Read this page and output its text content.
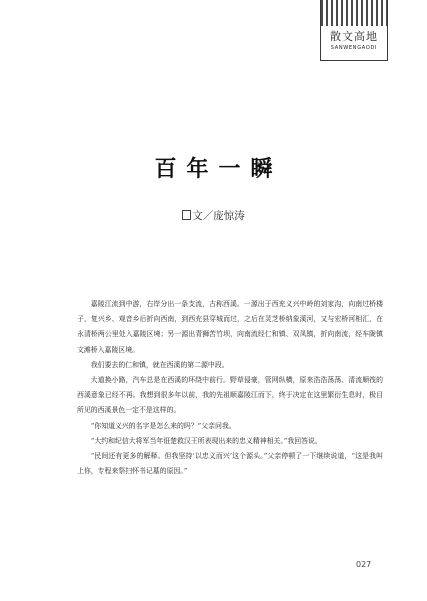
散文高地
SANWENGAODI
百年一瞬
文／庞惊涛

嘉陵江流到中游，右岸分出一条支流，古称西溪。一源出于西充义兴中岭的刘家沟，向南过桥楼子，复兴乡、观音乡后折向西南，到西充县穿城而过，之后在灵芝桥纳象溪河，又与宏桥河相汇，在永清桥两公里处入嘉陵区境；另一源出青狮苦竹坝，向南流经仁和镇、双凤镇，折向南流，经车陇镇文滩桥入嘉陵区境。

我们要去的仁和镇，就在西溪的第二源中段。

大道换小路，汽车总是在西溪的环绕中前行。野草侵豪，管网纵横，原来浩浩荡荡、清流顺筏的西溪意象已经不再。我想到很多年以前，我的先祖顺嘉陵江而下，终于决定在这里繁衍生息时，极目所见的西溪景色一定不是这样的。

“你知道义兴的名字是怎么来的吗？”父亲问我。

“大约和纪信大将军当年诳楚救汉王所表现出来的忠义精神相关。”我回答说。

“民间还有更多的解释。但我坚持‘以忠义而兴’这个源头。”父亲停顿了一下继续说道，“这是我叫上你，专程来祭扫怀书记墓的原因。”

027
